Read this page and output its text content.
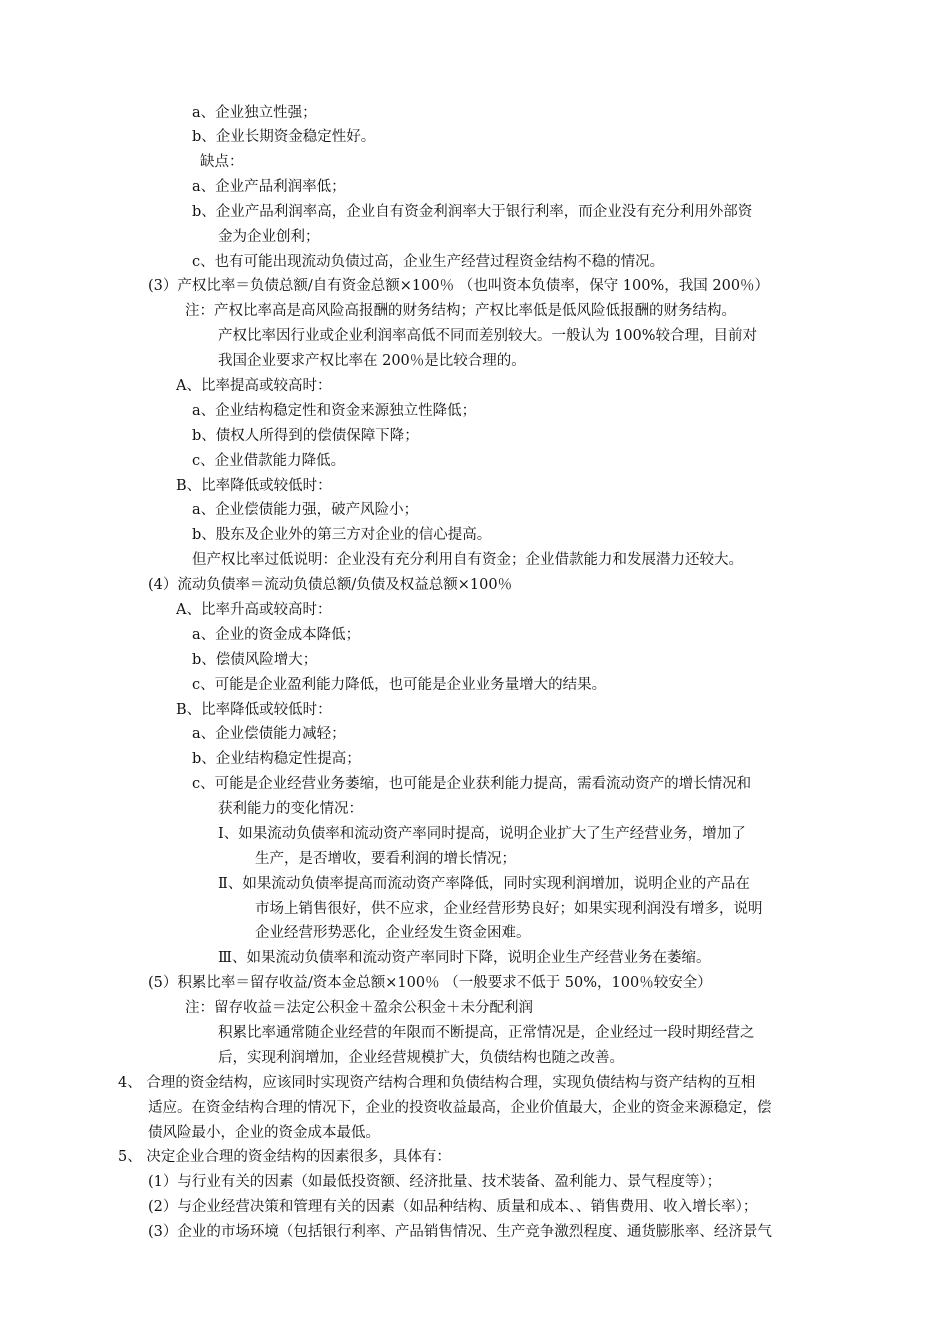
a、企业独立性强；
b、企业长期资金稳定性好。
缺点：
a、企业产品利润率低；
b、企业产品利润率高，企业自有资金利润率大于银行利率，而企业没有充分利用外部资
金为企业创利；
c、也有可能出现流动负债过高，企业生产经营过程资金结构不稳的情况。
(3）产权比率＝负债总额/自有资金总额×100％ （也叫资本负债率，保守 100%，我国 200％）
注：产权比率高是高风险高报酬的财务结构；产权比率低是低风险低报酬的财务结构。
产权比率因行业或企业利润率高低不同而差别较大。一般认为 100%较合理，目前对
我国企业要求产权比率在 200％是比较合理的。
A、比率提高或较高时：
a、企业结构稳定性和资金来源独立性降低；
b、债权人所得到的偿债保障下降；
c、企业借款能力降低。
B、比率降低或较低时：
a、企业偿债能力强，破产风险小；
b、股东及企业外的第三方对企业的信心提高。
但产权比率过低说明：企业没有充分利用自有资金；企业借款能力和发展潜力还较大。
(4）流动负债率＝流动负债总额/负债及权益总额×100％
A、比率升高或较高时：
a、企业的资金成本降低；
b、偿债风险增大；
c、可能是企业盈利能力降低，也可能是企业业务量增大的结果。
B、比率降低或较低时：
a、企业偿债能力减轻；
b、企业结构稳定性提高；
c、可能是企业经营业务萎缩，也可能是企业获利能力提高，需看流动资产的增长情况和
获利能力的变化情况：
Ⅰ、如果流动负债率和流动资产率同时提高，说明企业扩大了生产经营业务，增加了
生产，是否增收，要看利润的增长情况；
Ⅱ、如果流动负债率提高而流动资产率降低，同时实现利润增加，说明企业的产品在
市场上销售很好，供不应求，企业经营形势良好；如果实现利润没有增多，说明
企业经营形势恶化，企业经发生资金困难。
Ⅲ、如果流动负债率和流动资产率同时下降，说明企业生产经营业务在萎缩。
(5）积累比率＝留存收益/资本金总额×100％ （一般要求不低于 50%，100％较安全）
注：留存收益＝法定公积金＋盈余公积金＋未分配利润
积累比率通常随企业经营的年限而不断提高，正常情况是，企业经过一段时期经营之
后，实现利润增加，企业经营规模扩大，负债结构也随之改善。
4、 合理的资金结构，应该同时实现资产结构合理和负债结构合理，实现负债结构与资产结构的互相
适应。在资金结构合理的情况下，企业的投资收益最高，企业价值最大，企业的资金来源稳定，偿
债风险最小，企业的资金成本最低。
5、 决定企业合理的资金结构的因素很多，具体有：
(1）与行业有关的因素（如最低投资额、经济批量、技术装备、盈利能力、景气程度等）；
(2）与企业经营决策和管理有关的因素（如品种结构、质量和成本、、销售费用、收入增长率）；
(3）企业的市场环境（包括银行利率、产品销售情况、生产竞争激烈程度、通货膨胀率、经济景气
